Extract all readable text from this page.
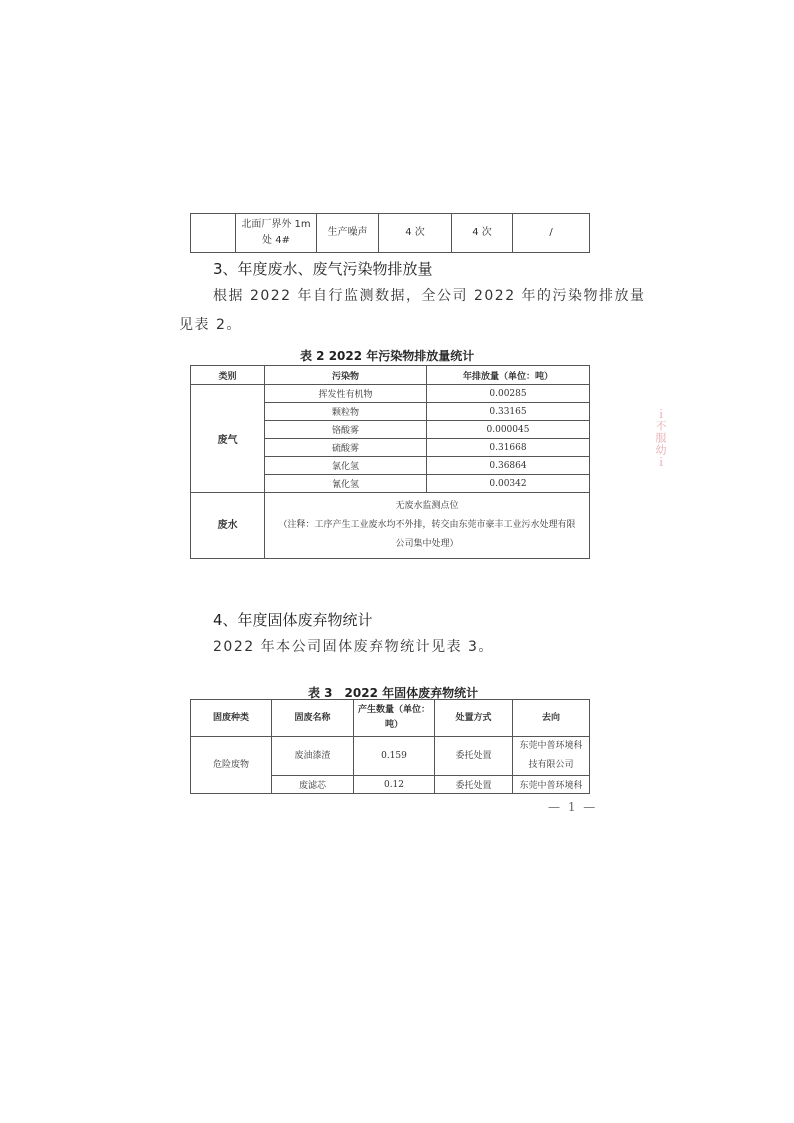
	北面厂界外 1m 处 4#	生产噪声	4 次	4 次	/
3、年度废水、废气污染物排放量
根据 2022 年自行监测数据，全公司 2022 年的污染物排放量
见表 2。
表 2 2022 年污染物排放量统计
类别	污染物	年排放量（单位：吨）
废气	挥发性有机物	0.00285
	颗粒物	0.33165
	铬酸雾	0.000045
	硫酸雾	0.31668
	氯化氢	0.36864
	氰化氢	0.00342
废水	无废水监测点位
（注释：工序产生工业废水均不外排，转交由东莞市豪丰工业污水处理有限
公司集中处理）	
4、年度固体废弃物统计
2022 年本公司固体废弃物统计见表 3。
表 3　2022 年固体废弃物统计
固废种类	固废名称	产生数量（单位：吨）	处置方式	去向
危险废物	废油漆渣	0.159	委托处置	东莞中普环境科
技有限公司

	废滤芯	0.12	委托处置	东莞中普环境科
— 1 —
ｉ不服幼ｉ
